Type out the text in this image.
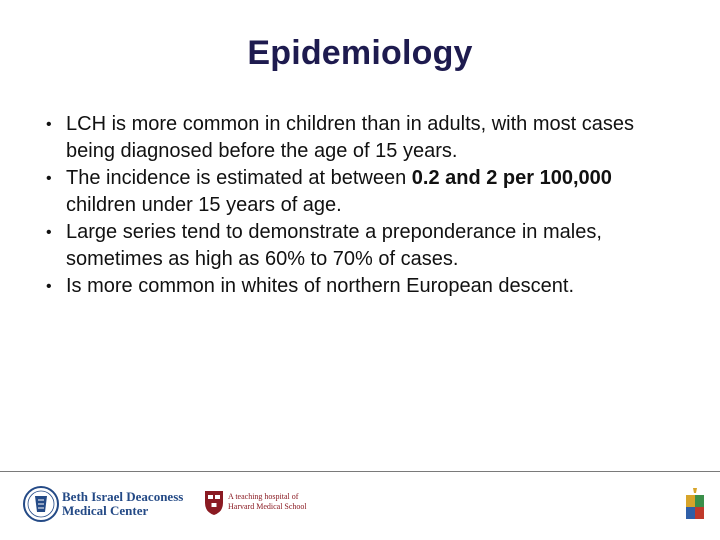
Epidemiology
• LCH is more common in children than in adults, with most cases being diagnosed before the age of 15 years.
• The incidence is estimated at between 0.2 and 2 per 100,000 children under 15 years of age.
• Large series tend to demonstrate a preponderance in males, sometimes as high as 60% to 70% of cases.
• Is more common in whites of northern European descent.
Beth Israel Deaconess
Medical Center
A teaching hospital of
Harvard Medical School
